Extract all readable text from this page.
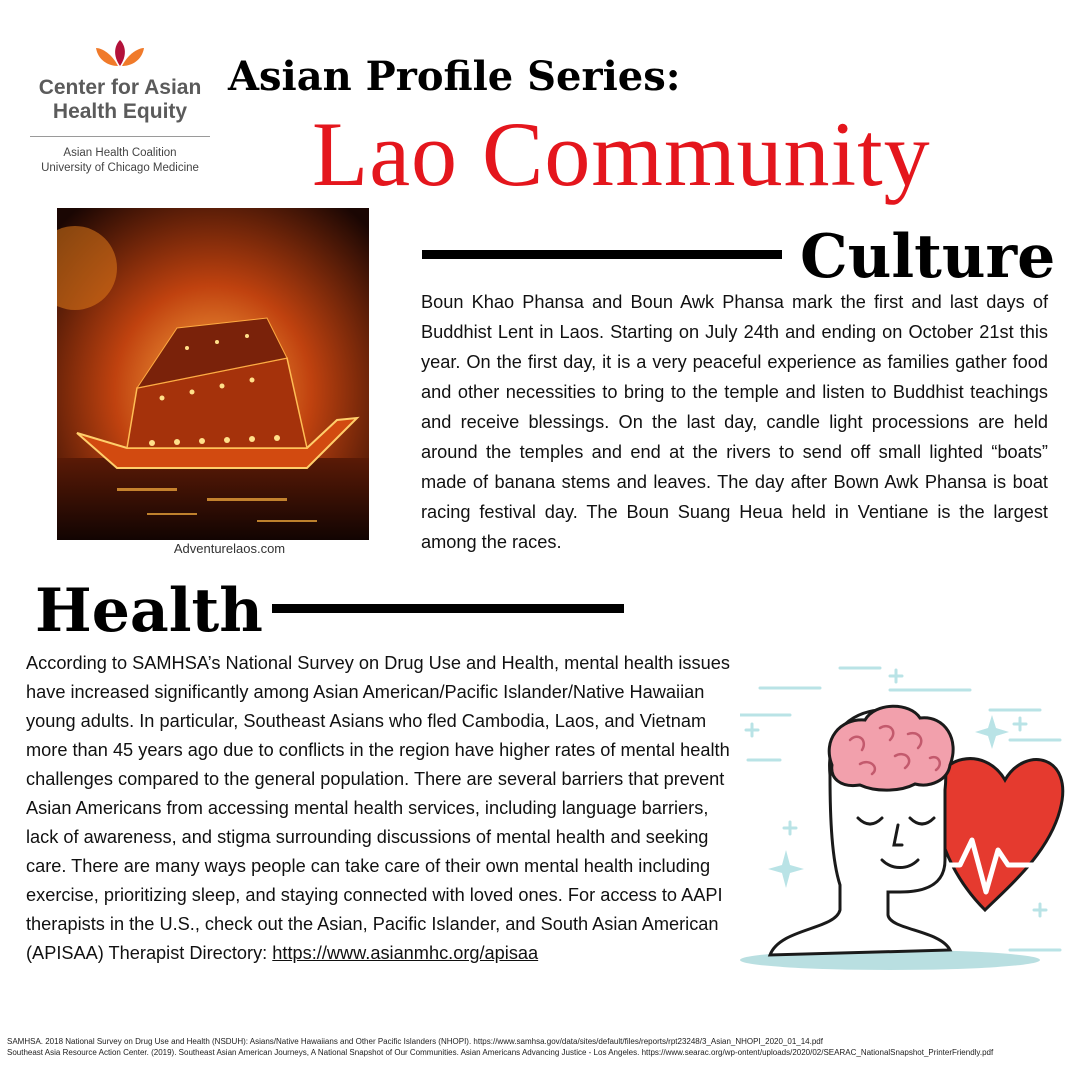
Center for Asian
Health Equity
Asian Health Coalition
University of Chicago Medicine
Asian Profile Series:
Lao Community
Adventurelaos.com
Culture
Boun Khao Phansa and Boun Awk Phansa mark the first and last days of Buddhist Lent in Laos. Starting on July 24th and ending on October 21st this year. On the first day, it is a very peaceful experience as families gather food and other necessities to bring to the temple and listen to Buddhist teachings and receive blessings. On the last day, candle light processions are held around the temples and end at the rivers to send off small lighted “boats” made of banana stems and leaves. The day after Bown Awk Phansa is boat racing festival day. The Boun Suang Heua held in Ventiane is the largest among the races.
Health
According to SAMHSA’s National Survey on Drug Use and Health, mental health issues have increased significantly among Asian American/Pacific Islander/Native Hawaiian young adults. In particular, Southeast Asians who fled Cambodia, Laos, and Vietnam more than 45 years ago due to conflicts in the region have higher rates of mental health challenges compared to the general population. There are several barriers that prevent Asian Americans from accessing mental health services, including language barriers, lack of awareness, and stigma surrounding discussions of mental health and seeking care. There are many ways people can take care of their own mental health including exercise, prioritizing sleep, and staying connected with loved ones. For access to AAPI therapists in the U.S., check out the Asian, Pacific Islander, and South Asian American (APISAA) Therapist Directory: https://www.asianmhc.org/apisaa
SAMHSA. 2018 National Survey on Drug Use and Health (NSDUH): Asians/Native Hawaiians and Other Pacific Islanders (NHOPI). https://www.samhsa.gov/data/sites/default/files/reports/rpt23248/3_Asian_NHOPI_2020_01_14.pdf
Southeast Asia Resource Action Center. (2019). Southeast Asian American Journeys, A National Snapshot of Our Communities. Asian Americans Advancing Justice - Los Angeles. https://www.searac.org/wp-ontent/uploads/2020/02/SEARAC_NationalSnapshot_PrinterFriendly.pdf
